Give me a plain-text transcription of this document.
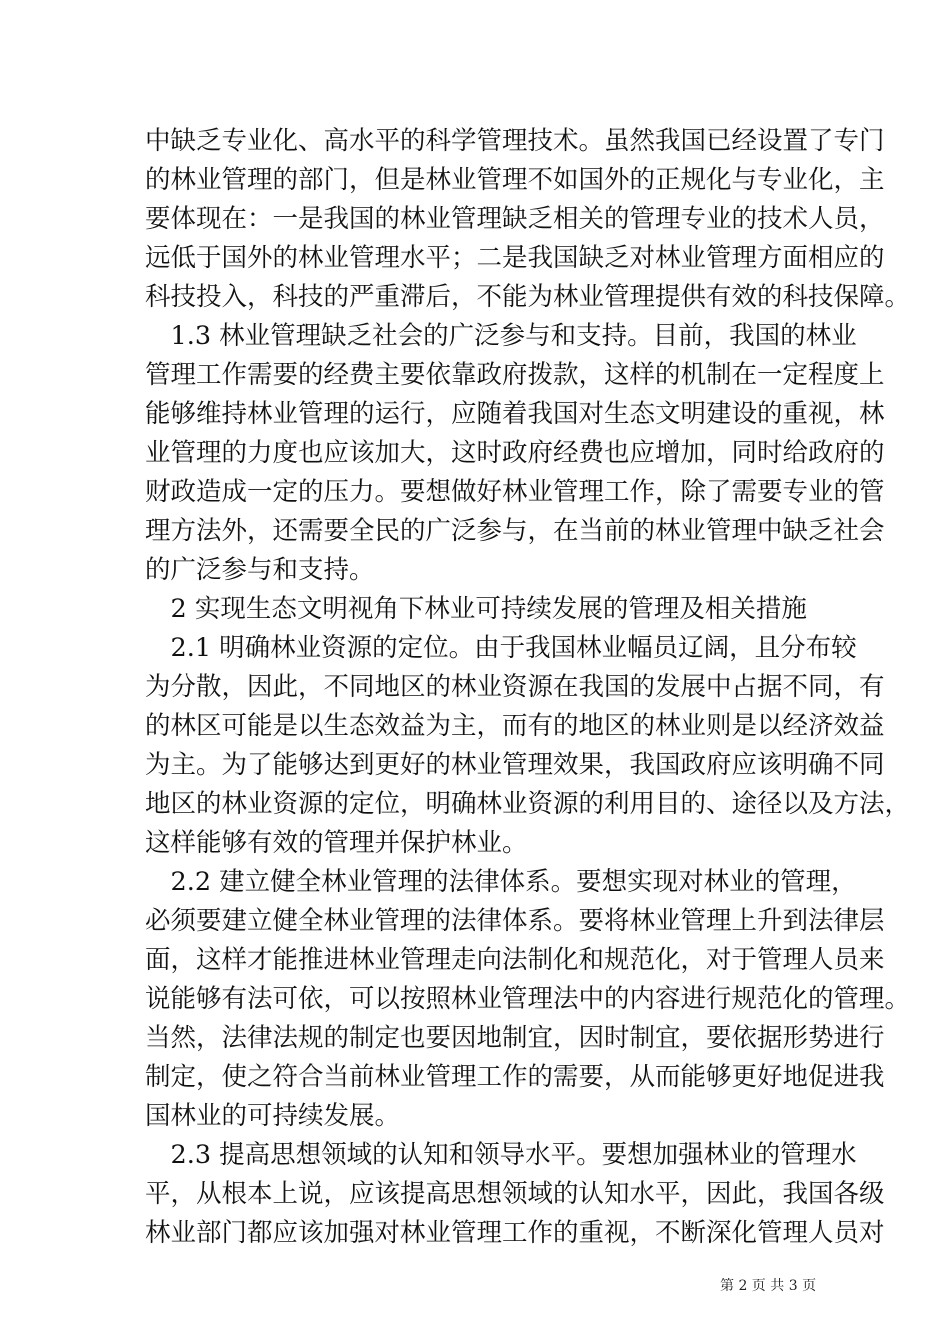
中缺乏专业化、高水平的科学管理技术。虽然我国已经设置了专门
的林业管理的部门，但是林业管理不如国外的正规化与专业化，主
要体现在：一是我国的林业管理缺乏相关的管理专业的技术人员，
远低于国外的林业管理水平；二是我国缺乏对林业管理方面相应的
科技投入，科技的严重滞后，不能为林业管理提供有效的科技保障。
　1.3 林业管理缺乏社会的广泛参与和支持。目前，我国的林业
管理工作需要的经费主要依靠政府拨款，这样的机制在一定程度上
能够维持林业管理的运行，应随着我国对生态文明建设的重视，林
业管理的力度也应该加大，这时政府经费也应增加，同时给政府的
财政造成一定的压力。要想做好林业管理工作，除了需要专业的管
理方法外，还需要全民的广泛参与，在当前的林业管理中缺乏社会
的广泛参与和支持。
　2 实现生态文明视角下林业可持续发展的管理及相关措施
　2.1 明确林业资源的定位。由于我国林业幅员辽阔，且分布较
为分散，因此，不同地区的林业资源在我国的发展中占据不同，有
的林区可能是以生态效益为主，而有的地区的林业则是以经济效益
为主。为了能够达到更好的林业管理效果，我国政府应该明确不同
地区的林业资源的定位，明确林业资源的利用目的、途径以及方法，
这样能够有效的管理并保护林业。
　2.2 建立健全林业管理的法律体系。要想实现对林业的管理，
必须要建立健全林业管理的法律体系。要将林业管理上升到法律层
面，这样才能推进林业管理走向法制化和规范化，对于管理人员来
说能够有法可依，可以按照林业管理法中的内容进行规范化的管理。
当然，法律法规的制定也要因地制宜，因时制宜，要依据形势进行
制定，使之符合当前林业管理工作的需要，从而能够更好地促进我
国林业的可持续发展。
　2.3 提高思想领域的认知和领导水平。要想加强林业的管理水
平，从根本上说，应该提高思想领域的认知水平，因此，我国各级
林业部门都应该加强对林业管理工作的重视，不断深化管理人员对
第 2 页 共 3 页
